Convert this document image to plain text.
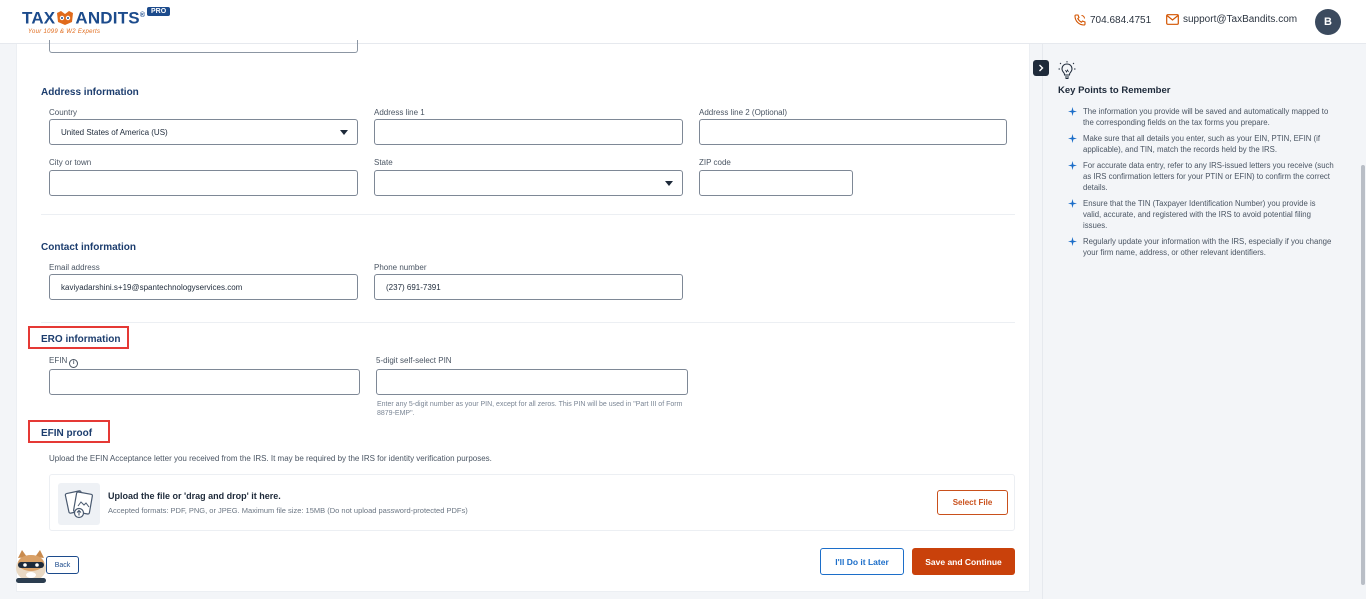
TAX ANDITS®
PRO
Your 1099 & W2 Experts
704.684.4751	support@TaxBandits.com	B
Address information
Country
United States of America (US)
Address line 1	Address line 2 (Optional)
City or town	State	ZIP code
Contact information
Email address
kaviyadarshini.s+19@spantechnologyservices.com
Phone number
(237) 691-7391
ERO information
EFIN i	5-digit self-select PIN
Enter any 5-digit number as your PIN, except for all zeros. This PIN will be used in "Part III of Form 8879-EMP".
EFIN proof
Upload the EFIN Acceptance letter you received from the IRS. It may be required by the IRS for identity verification purposes.
Upload the file or 'drag and drop' it here.
Accepted formats: PDF, PNG, or JPEG. Maximum file size: 15MB (Do not upload password-protected PDFs)
Select File
Back	I'll Do it Later	Save and Continue
Key Points to Remember
The information you provide will be saved and automatically mapped to the corresponding fields on the tax forms you prepare.
Make sure that all details you enter, such as your EIN, PTIN, EFIN (if applicable), and TIN, match the records held by the IRS.
For accurate data entry, refer to any IRS-issued letters you receive (such as IRS confirmation letters for your PTIN or EFIN) to confirm the correct details.
Ensure that the TIN (Taxpayer Identification Number) you provide is valid, accurate, and registered with the IRS to avoid potential filing issues.
Regularly update your information with the IRS, especially if you change your firm name, address, or other relevant identifiers.
